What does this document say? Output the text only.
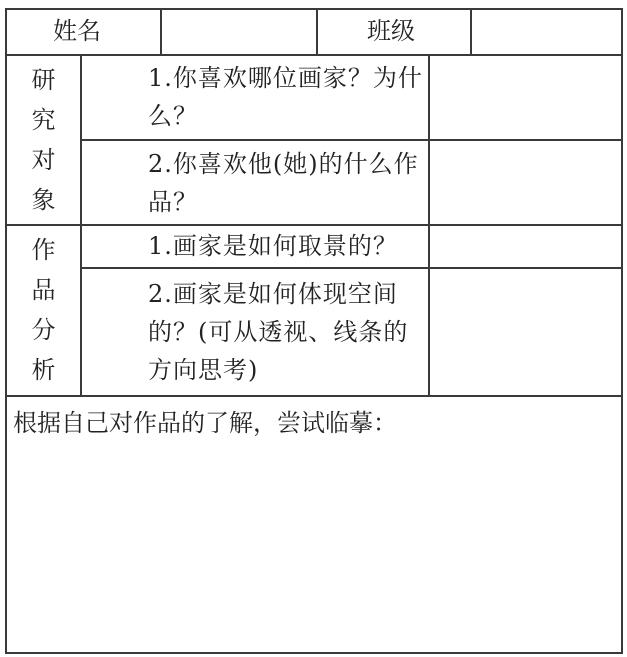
姓名	班级
研
究
对
象
1.你喜欢哪位画家？为什么？
2.你喜欢他(她)的什么作品？
作
品
分
析
1.画家是如何取景的？
2.画家是如何体现空间的？(可从透视、线条的方向思考)
根据自己对作品的了解，尝试临摹：
